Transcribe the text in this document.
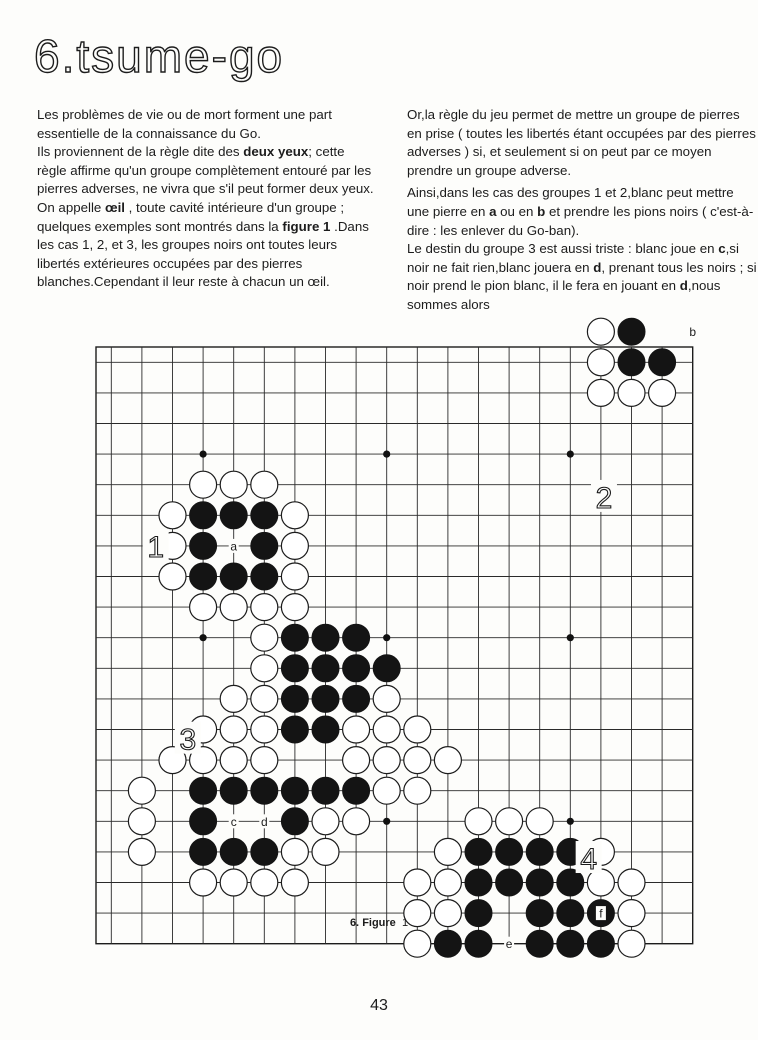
6.tsume-go

Les problèmes de vie ou de mort forment une part essentielle de la connaissance du Go.

Ils proviennent de la règle dite des deux yeux; cette règle affirme qu'un groupe complètement entouré par les pierres adverses, ne vivra que s'il peut former deux yeux.

On appelle œil , toute cavité intérieure d'un groupe ; quelques exemples sont montrés dans la figure 1 .Dans les cas 1, 2, et 3, les groupes noirs ont toutes leurs libertés extérieures occupées par des pierres blanches.Cependant il leur reste à chacun un œil.

Or,la règle du jeu permet de mettre un groupe de pierres en prise ( toutes les libertés étant occupées par des pierres adverses ) si, et seulement si on peut par ce moyen prendre un groupe adverse.

Ainsi,dans les cas des groupes 1 et 2,blanc peut mettre une pierre en a ou en b et prendre les pions noirs ( c'est-à-dire : les enlever du Go-ban).

Le destin du groupe 3 est aussi triste : blanc joue en c,si noir ne fait rien,blanc jouera en d, prenant tous les noirs ; si noir prend le pion blanc, il le fera en jouant en d,nous sommes alors

a
b
c d
e
f
1
2
3
4

6. Figure 1

43
